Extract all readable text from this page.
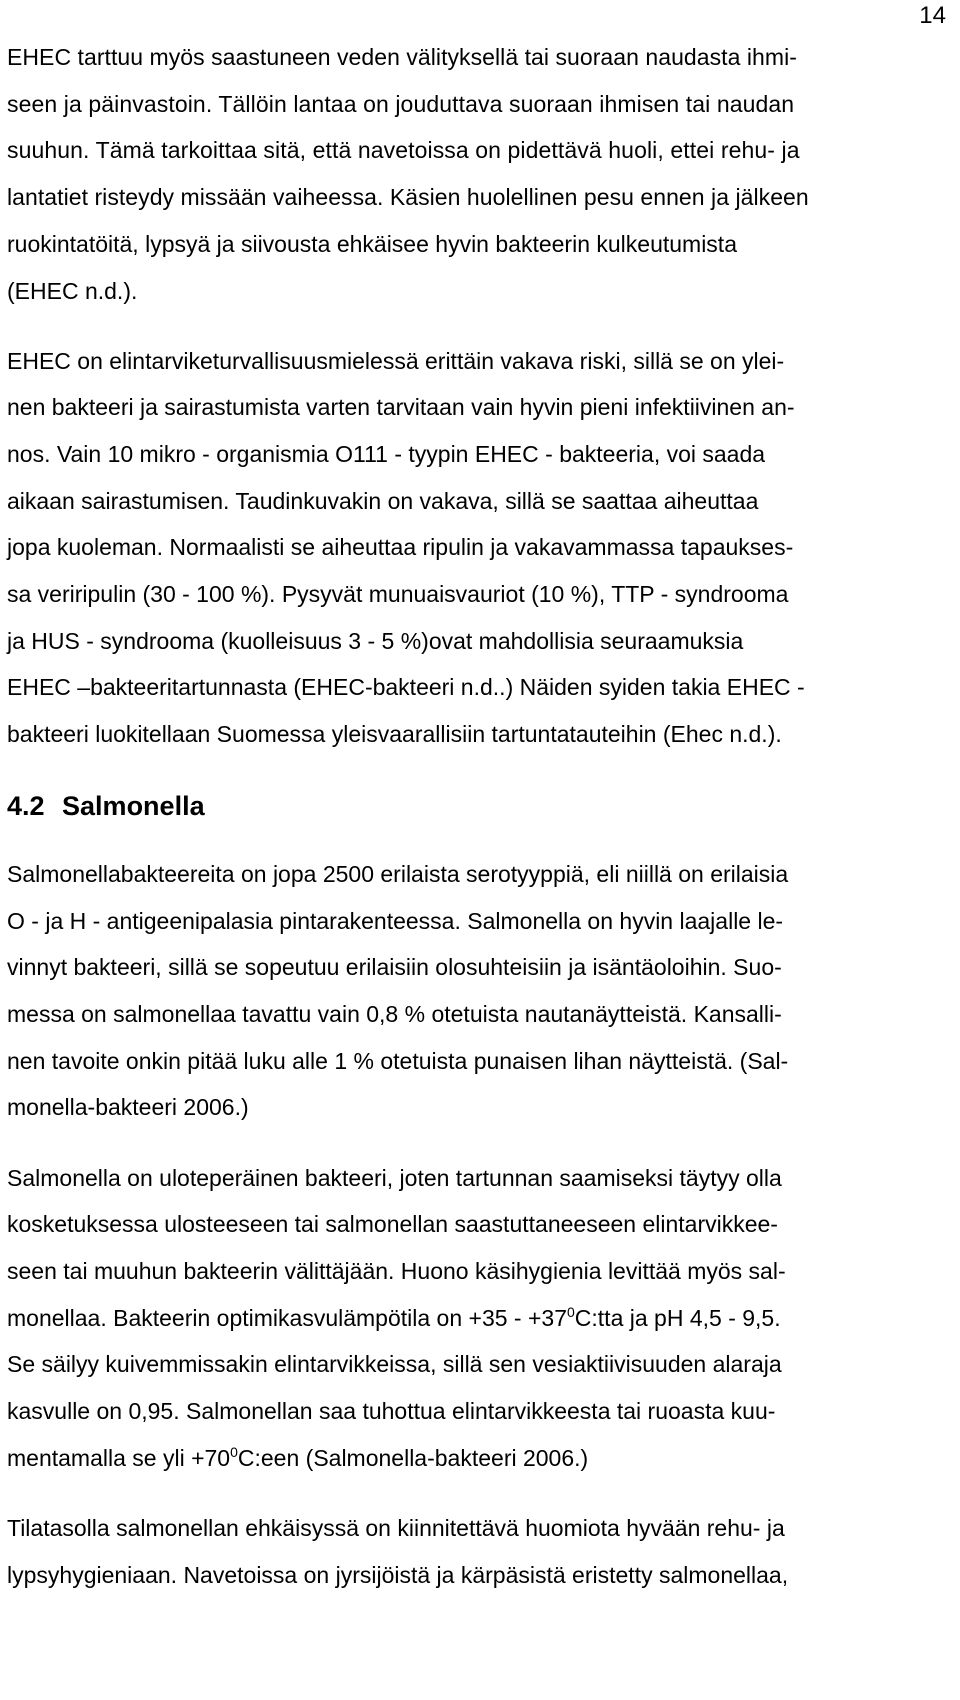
14
EHEC tarttuu myös saastuneen veden välityksellä tai suoraan naudasta ihmi-
seen ja päinvastoin. Tällöin lantaa on jouduttava suoraan ihmisen tai naudan
suuhun. Tämä tarkoittaa sitä, että navetoissa on pidettävä huoli, ettei rehu- ja
lantatiet risteydy missään vaiheessa. Käsien huolellinen pesu ennen ja jälkeen
ruokintatöitä, lypsyä ja siivousta ehkäisee hyvin bakteerin kulkeutumista
(EHEC n.d.).
EHEC on elintarviketurvallisuusmielessä erittäin vakava riski, sillä se on ylei-
nen bakteeri ja sairastumista varten tarvitaan vain hyvin pieni infektiivinen an-
nos. Vain 10 mikro - organismia O111 - tyypin EHEC - bakteeria, voi saada
aikaan sairastumisen. Taudinkuvakin on vakava, sillä se saattaa aiheuttaa
jopa kuoleman. Normaalisti se aiheuttaa ripulin ja vakavammassa tapaukses-
sa veriripulin (30 - 100 %). Pysyvät munuaisvauriot (10 %), TTP - syndrooma
ja HUS - syndrooma (kuolleisuus 3 - 5 %)ovat mahdollisia seuraamuksia
EHEC –bakteeritartunnasta (EHEC-bakteeri n.d..) Näiden syiden takia EHEC -
bakteeri luokitellaan Suomessa yleisvaarallisiin tartuntatauteihin (Ehec n.d.).
4.2 Salmonella
Salmonellabakteereita on jopa 2500 erilaista serotyyppiä, eli niillä on erilaisia
O - ja H - antigeenipalasia pintarakenteessa. Salmonella on hyvin laajalle le-
vinnyt bakteeri, sillä se sopeutuu erilaisiin olosuhteisiin ja isäntäoloihin. Suo-
messa on salmonellaa tavattu vain 0,8 % otetuista nautanäytteistä. Kansalli-
nen tavoite onkin pitää luku alle 1 % otetuista punaisen lihan näytteistä. (Sal-
monella-bakteeri 2006.)
Salmonella on uloteperäinen bakteeri, joten tartunnan saamiseksi täytyy olla
kosketuksessa ulosteeseen tai salmonellan saastuttaneeseen elintarvikkee-
seen tai muuhun bakteerin välittäjään. Huono käsihygienia levittää myös sal-
monellaa. Bakteerin optimikasvulämpötila on $+35 - +37^0C:tta$ ja pH 4,5 - 9,5.
Se säilyy kuivemmissakin elintarvikkeissa, sillä sen vesiaktiivisuuden alaraja
kasvulle on 0,95. Salmonellan saa tuhottua elintarvikkeesta tai ruoasta kuu-
mentamalla se yli $+70^0C:een$ (Salmonella-bakteeri 2006.)
Tilatasolla salmonellan ehkäisyssä on kiinnitettävä huomiota hyvään rehu- ja
lypsyhygieniaan. Navetoissa on jyrsijöistä ja kärpäsistä eristetty salmonellaa,
